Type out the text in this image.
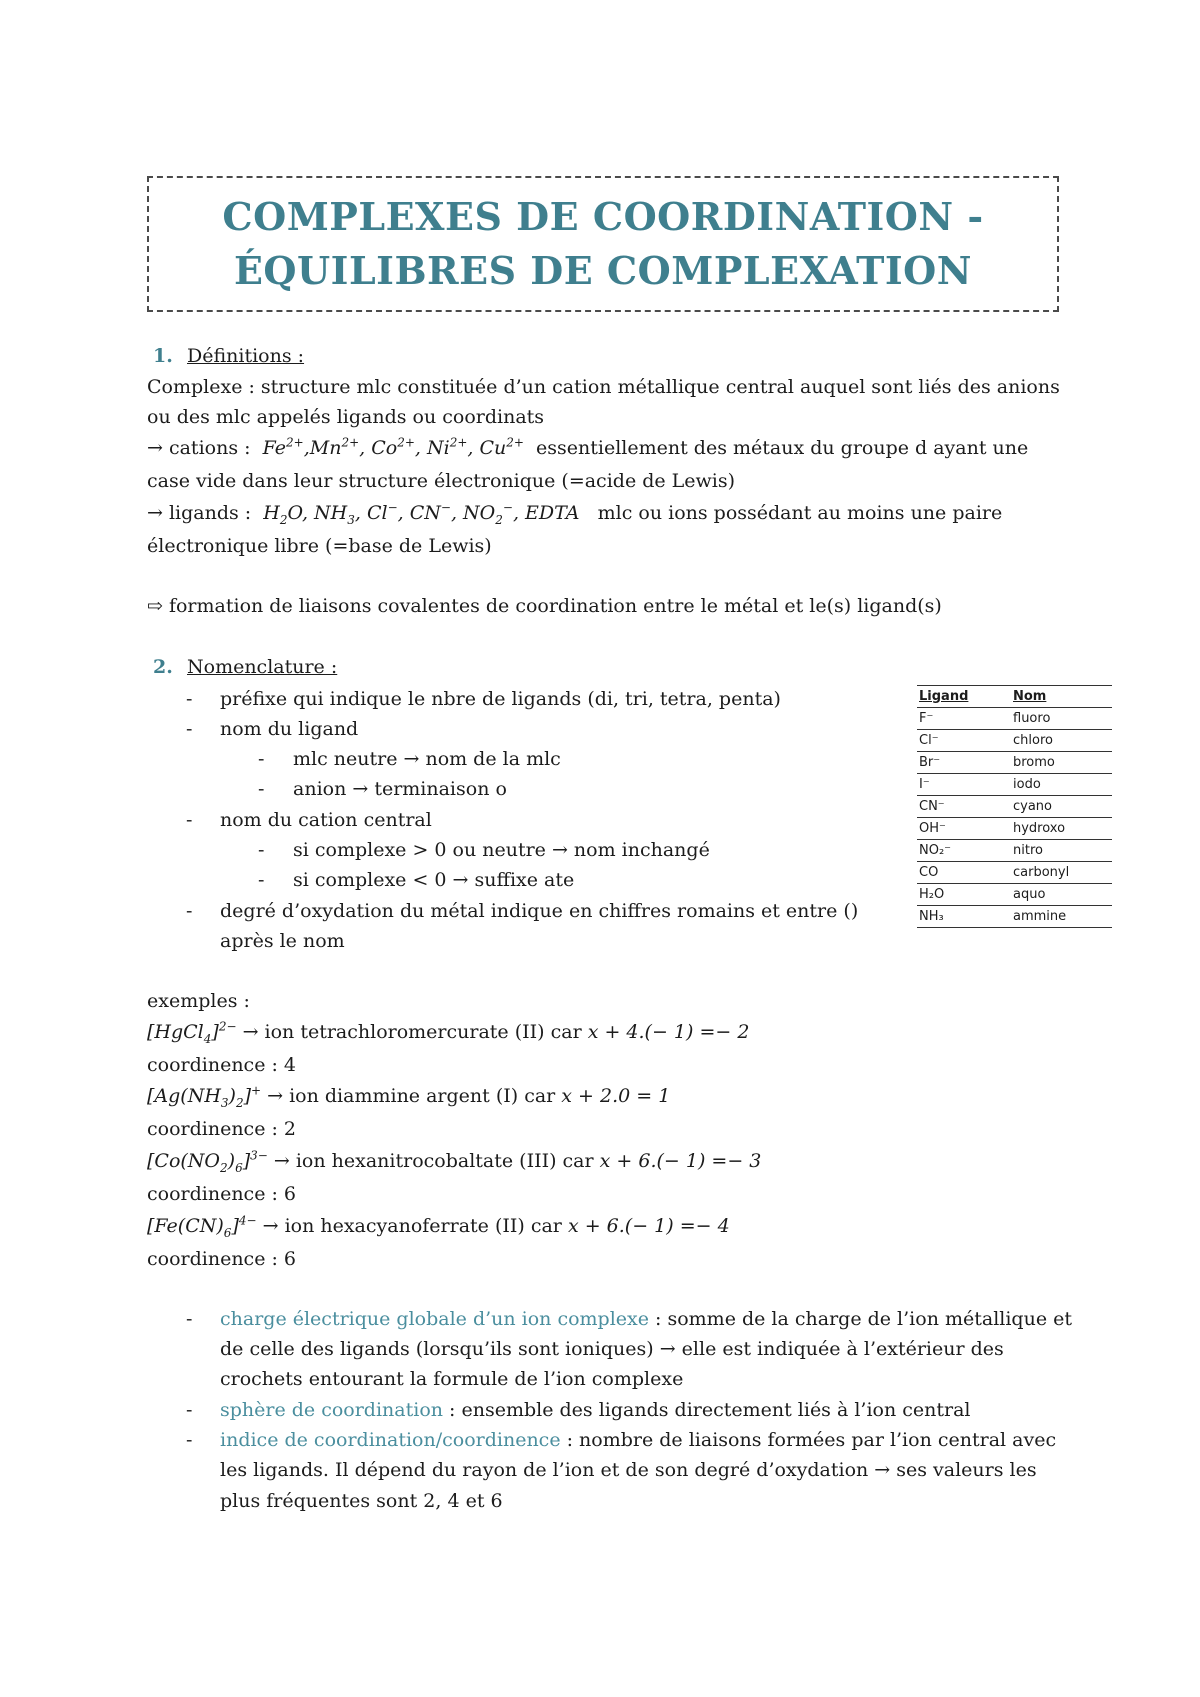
COMPLEXES DE COORDINATION -
ÉQUILIBRES DE COMPLEXATION
1. Définitions :
Complexe : structure mlc constituée d’un cation métallique central auquel sont liés des anions
ou des mlc appelés ligands ou coordinats
→ cations :  $Fe^{2+},Mn^{2+}$, $Co^{2+}$, $Ni^{2+}$, $Cu^{2+}$ essentiellement des métaux du groupe d ayant une
case vide dans leur structure électronique (=acide de Lewis)
→ ligands :  $H_2O$, $NH_3$, Cl−, CN−, $NO_2^-$, EDTA mlc ou ions possédant au moins une paire
électronique libre (=base de Lewis)
⇨ formation de liaisons covalentes de coordination entre le métal et le(s) ligand(s)
2. Nomenclature :
- préfixe qui indique le nbre de ligands (di, tri, tetra, penta)
- nom du ligand
- mlc neutre → nom de la mlc
- anion → terminaison o
- nom du cation central
- si complexe > 0 ou neutre → nom inchangé
- si complexe < 0 → suffixe ate
- degré d’oxydation du métal indique en chiffres romains et entre ()
après le nom
Ligand	Nom
F⁻	fluoro
Cl⁻	chloro
Br⁻	bromo
I⁻	iodo
CN⁻	cyano
OH⁻	hydroxo
NO₂⁻	nitro
CO	carbonyl
H₂O	aquo
NH₃	ammine
exemples :
[HgCl$_4$]$^{2-}$ → ion tetrachloromercurate (II) car x + 4.(− 1) =− 2
coordinence : 4
$[Ag(NH_3)_2]^+$ → ion diammine argent (I) car x + 2.0 = 1
coordinence : 2
$[Co(NO_2)_6]^{3-}$ → ion hexanitrocobaltate (III) car x + 6.(− 1) =− 3
coordinence : 6
$[Fe(CN)_6]^{4-}$ → ion hexacyanoferrate (II) car x + 6.(− 1) =− 4
coordinence : 6
- charge électrique globale d’un ion complexe : somme de la charge de l’ion métallique et
de celle des ligands (lorsqu’ils sont ioniques) → elle est indiquée à l’extérieur des
crochets entourant la formule de l’ion complexe
- sphère de coordination : ensemble des ligands directement liés à l’ion central
- indice de coordination/coordinence : nombre de liaisons formées par l’ion central avec
les ligands. Il dépend du rayon de l’ion et de son degré d’oxydation → ses valeurs les
plus fréquentes sont 2, 4 et 6
